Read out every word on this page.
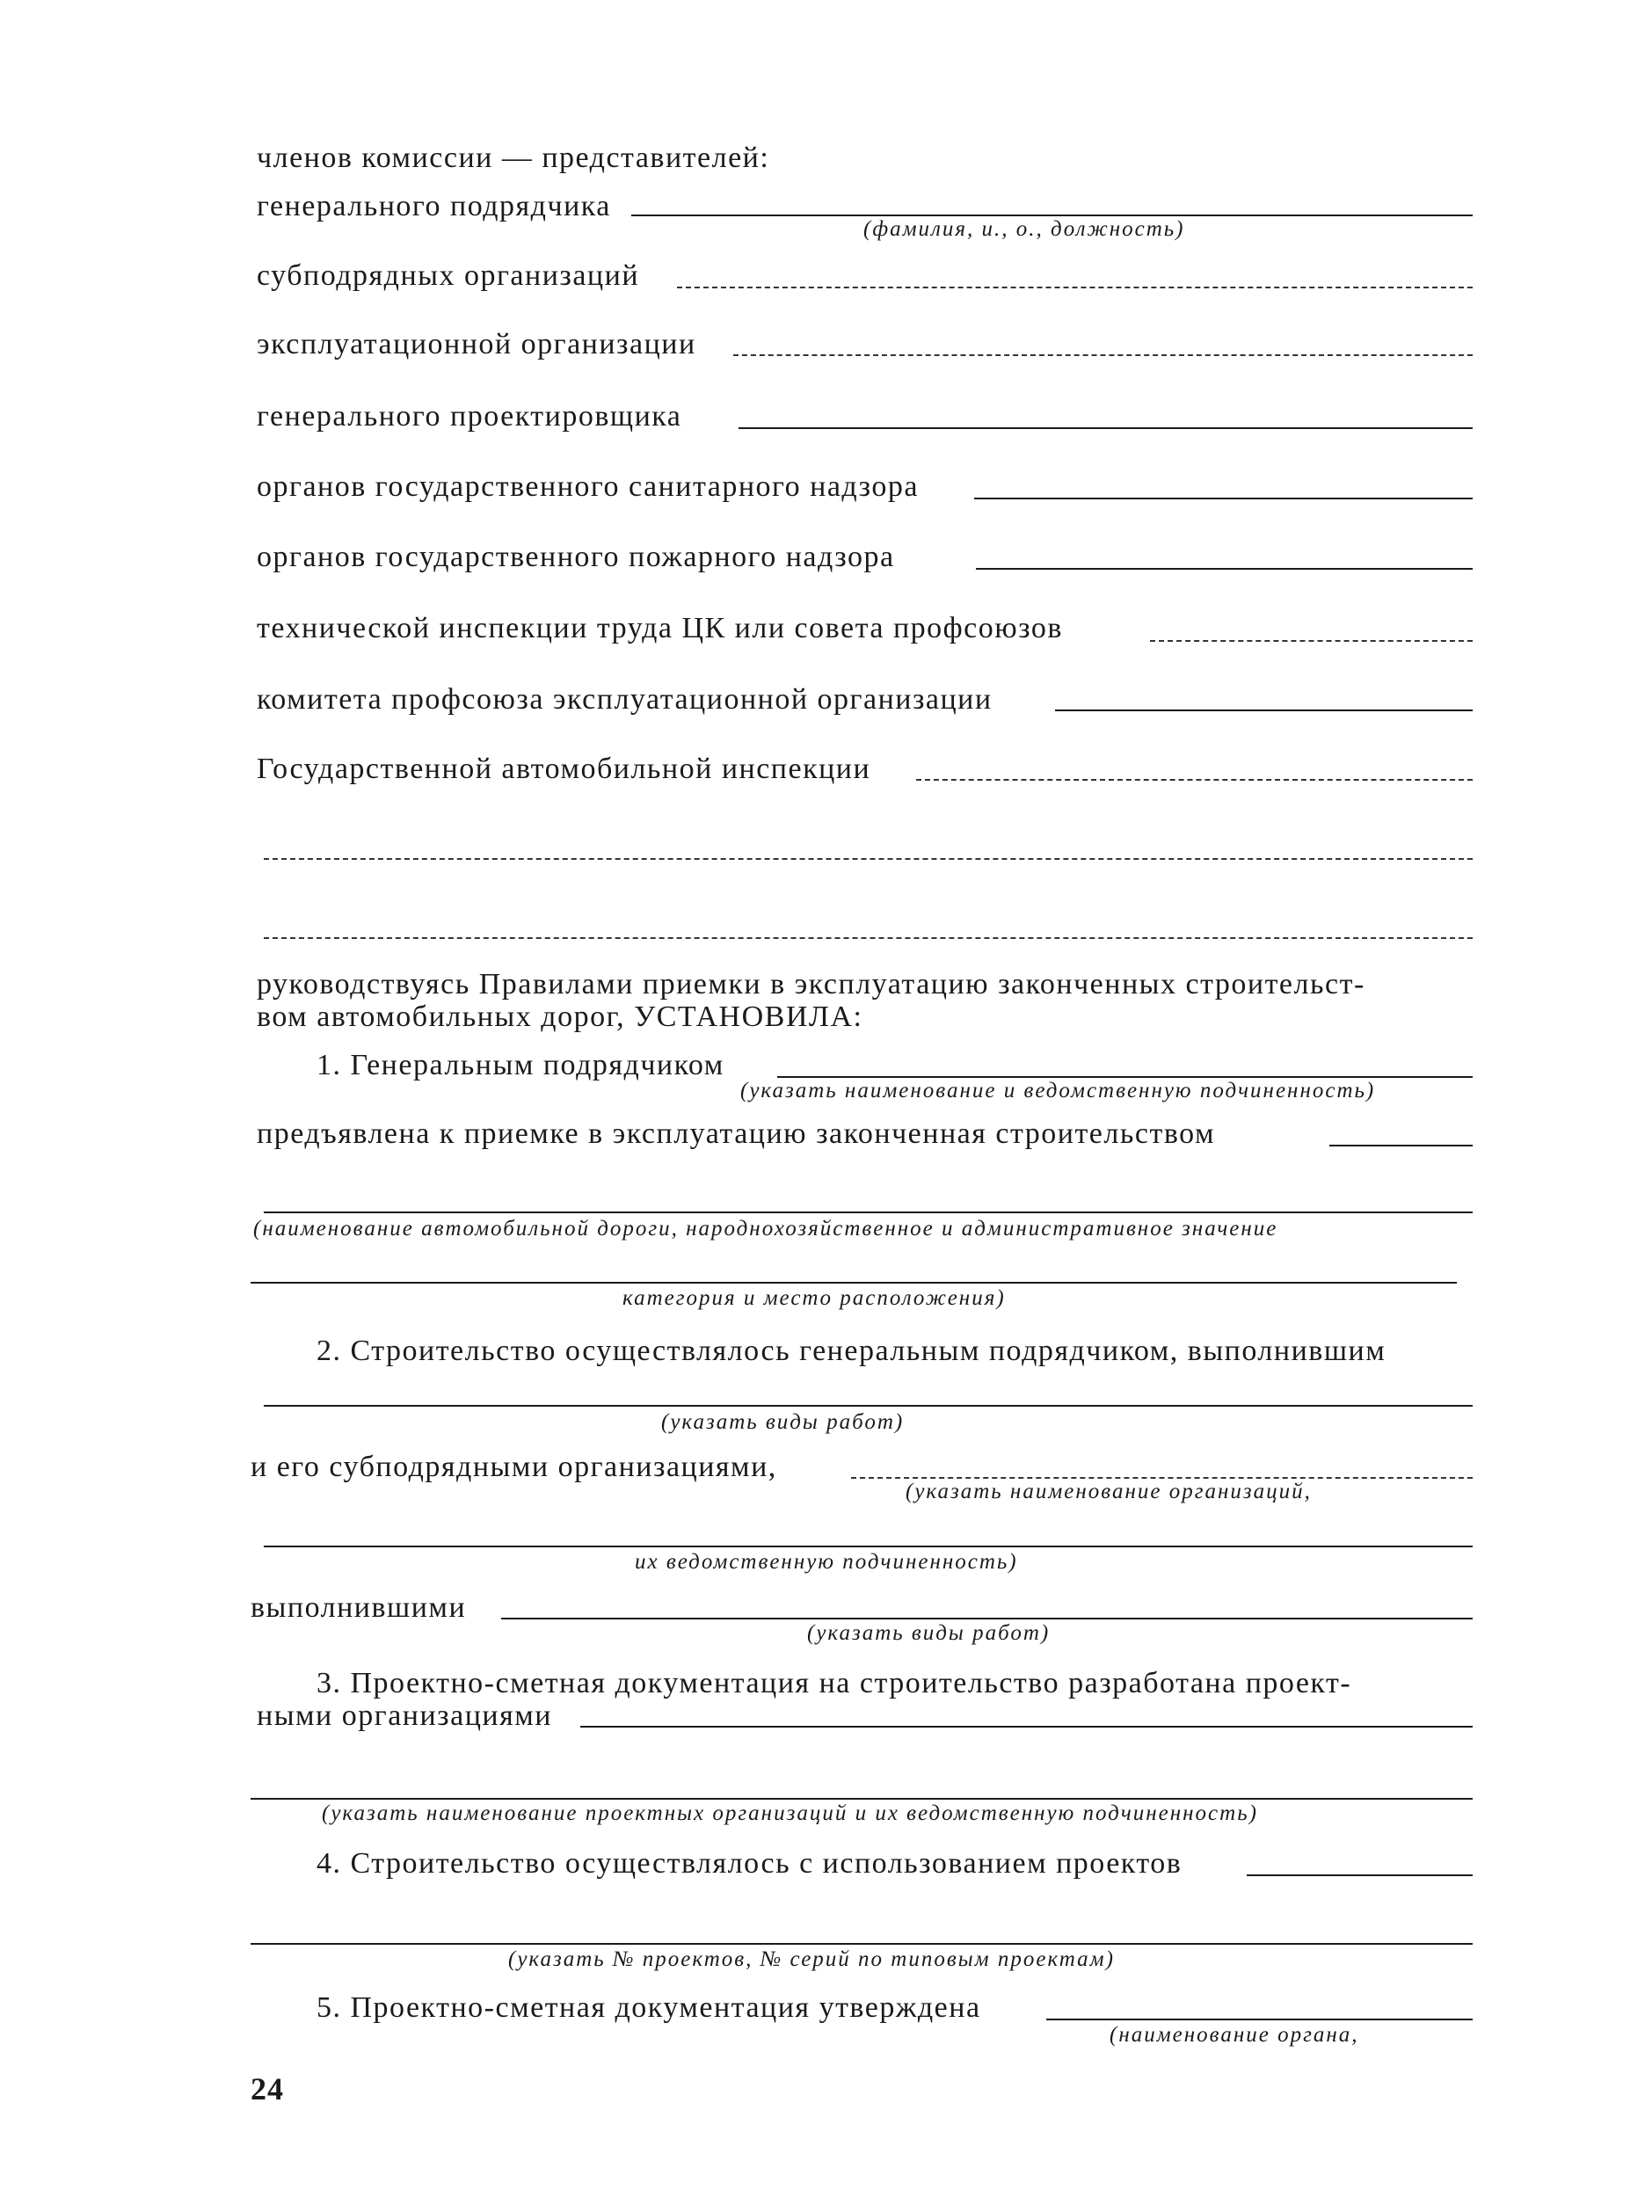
членов комиссии — представителей:
генерального подрядчика
(фамилия, и., о., должность)
субподрядных организаций
эксплуатационной организации
генерального проектировщика
органов государственного санитарного надзора
органов государственного пожарного надзора
технической инспекции труда ЦК или совета профсоюзов
комитета профсоюза эксплуатационной организации
Государственной автомобильной инспекции
руководствуясь Правилами приемки в эксплуатацию законченных строительст-
вом автомобильных дорог, УСТАНОВИЛА:
1. Генеральным подрядчиком
(указать наименование и ведомственную подчиненность)
предъявлена к приемке в эксплуатацию законченная строительством
(наименование автомобильной дороги, народнохозяйственное и административное значение
категория и место расположения)
2. Строительство осуществлялось генеральным подрядчиком, выполнившим
(указать виды работ)
и его субподрядными организациями,
(указать наименование организаций,
их ведомственную подчиненность)
выполнившими
(указать виды работ)
3. Проектно-сметная документация на строительство разработана проект-
ными организациями
(указать наименование проектных организаций и их ведомственную подчиненность)
4. Строительство осуществлялось с использованием проектов
(указать № проектов, № серий по типовым проектам)
5. Проектно-сметная документация утверждена
(наименование органа,
24
